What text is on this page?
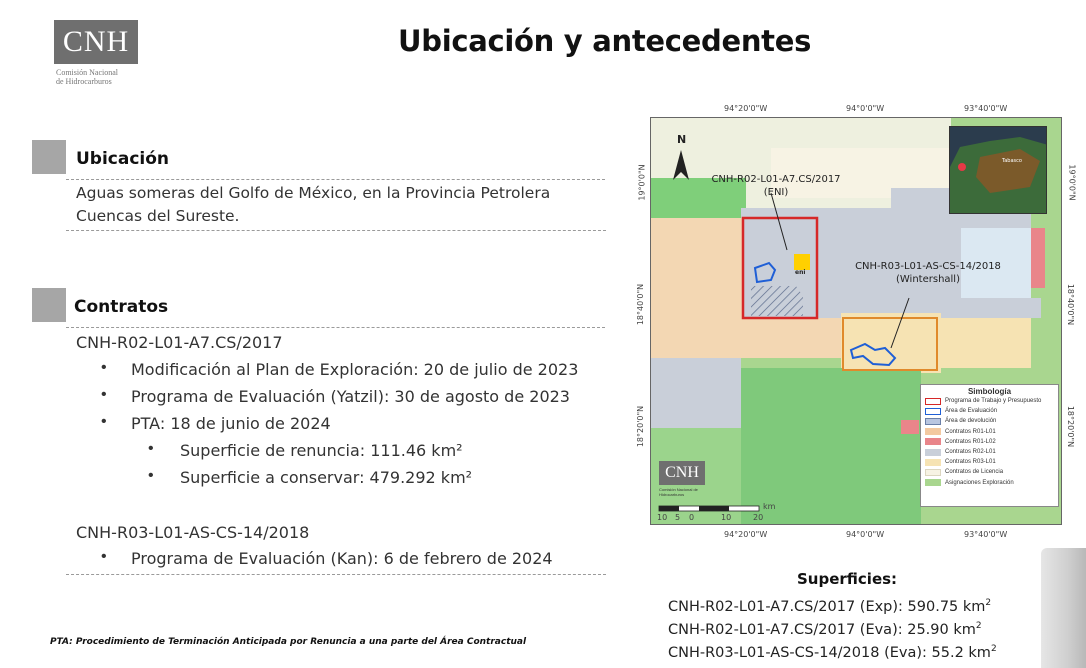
CNH
Comisión Nacional
de Hidrocarburos
Ubicación y antecedentes
Ubicación
Aguas someras del Golfo de México, en la Provincia Petrolera
Cuencas del Sureste.
Contratos
CNH-R02-L01-A7.CS/2017
• Modificación al Plan de Exploración: 20 de julio de 2023
• Programa de Evaluación (Yatzil): 30 de agosto de 2023
• PTA: 18 de junio de 2024
• Superficie de renuncia: 111.46 km²
• Superficie a conservar: 479.292 km²
CNH-R03-L01-AS-CS-14/2018
• Programa de Evaluación (Kan): 6 de febrero de 2024
PTA: Procedimiento de Terminación Anticipada por Renuncia a una parte del Área Contractual
94°20'0"W	94°0'0"W	93°40'0"W
94°20'0"W	94°0'0"W	93°40'0"W
19°0'0"N
18°40'0"N
18°20'0"N
19°0'0"N
18°40'0"N
18°20'0"N
N
CNH-R02-L01-A7.CS/2017
(ENI)
CNH-R03-L01-AS-CS-14/2018
(Wintershall)
eni
Tabasco
CNH
Comisión Nacional de Hidrocarburos
10 5 0	10	20
km
Simbología
Programa de Trabajo y Presupuesto
Área de Evaluación
Área de devolución
Contratos R01-L01
Contratos R01-L02
Contratos R02-L01
Contratos R03-L01
Contratos de Licencia
Asignaciones Exploración
Superficies:
CNH-R02-L01-A7.CS/2017 (Exp): 590.75 $km^2$
CNH-R02-L01-A7.CS/2017 (Eva): 25.90 $km^2$
CNH-R03-L01-AS-CS-14/2018 (Eva): 55.2 $km^2$
